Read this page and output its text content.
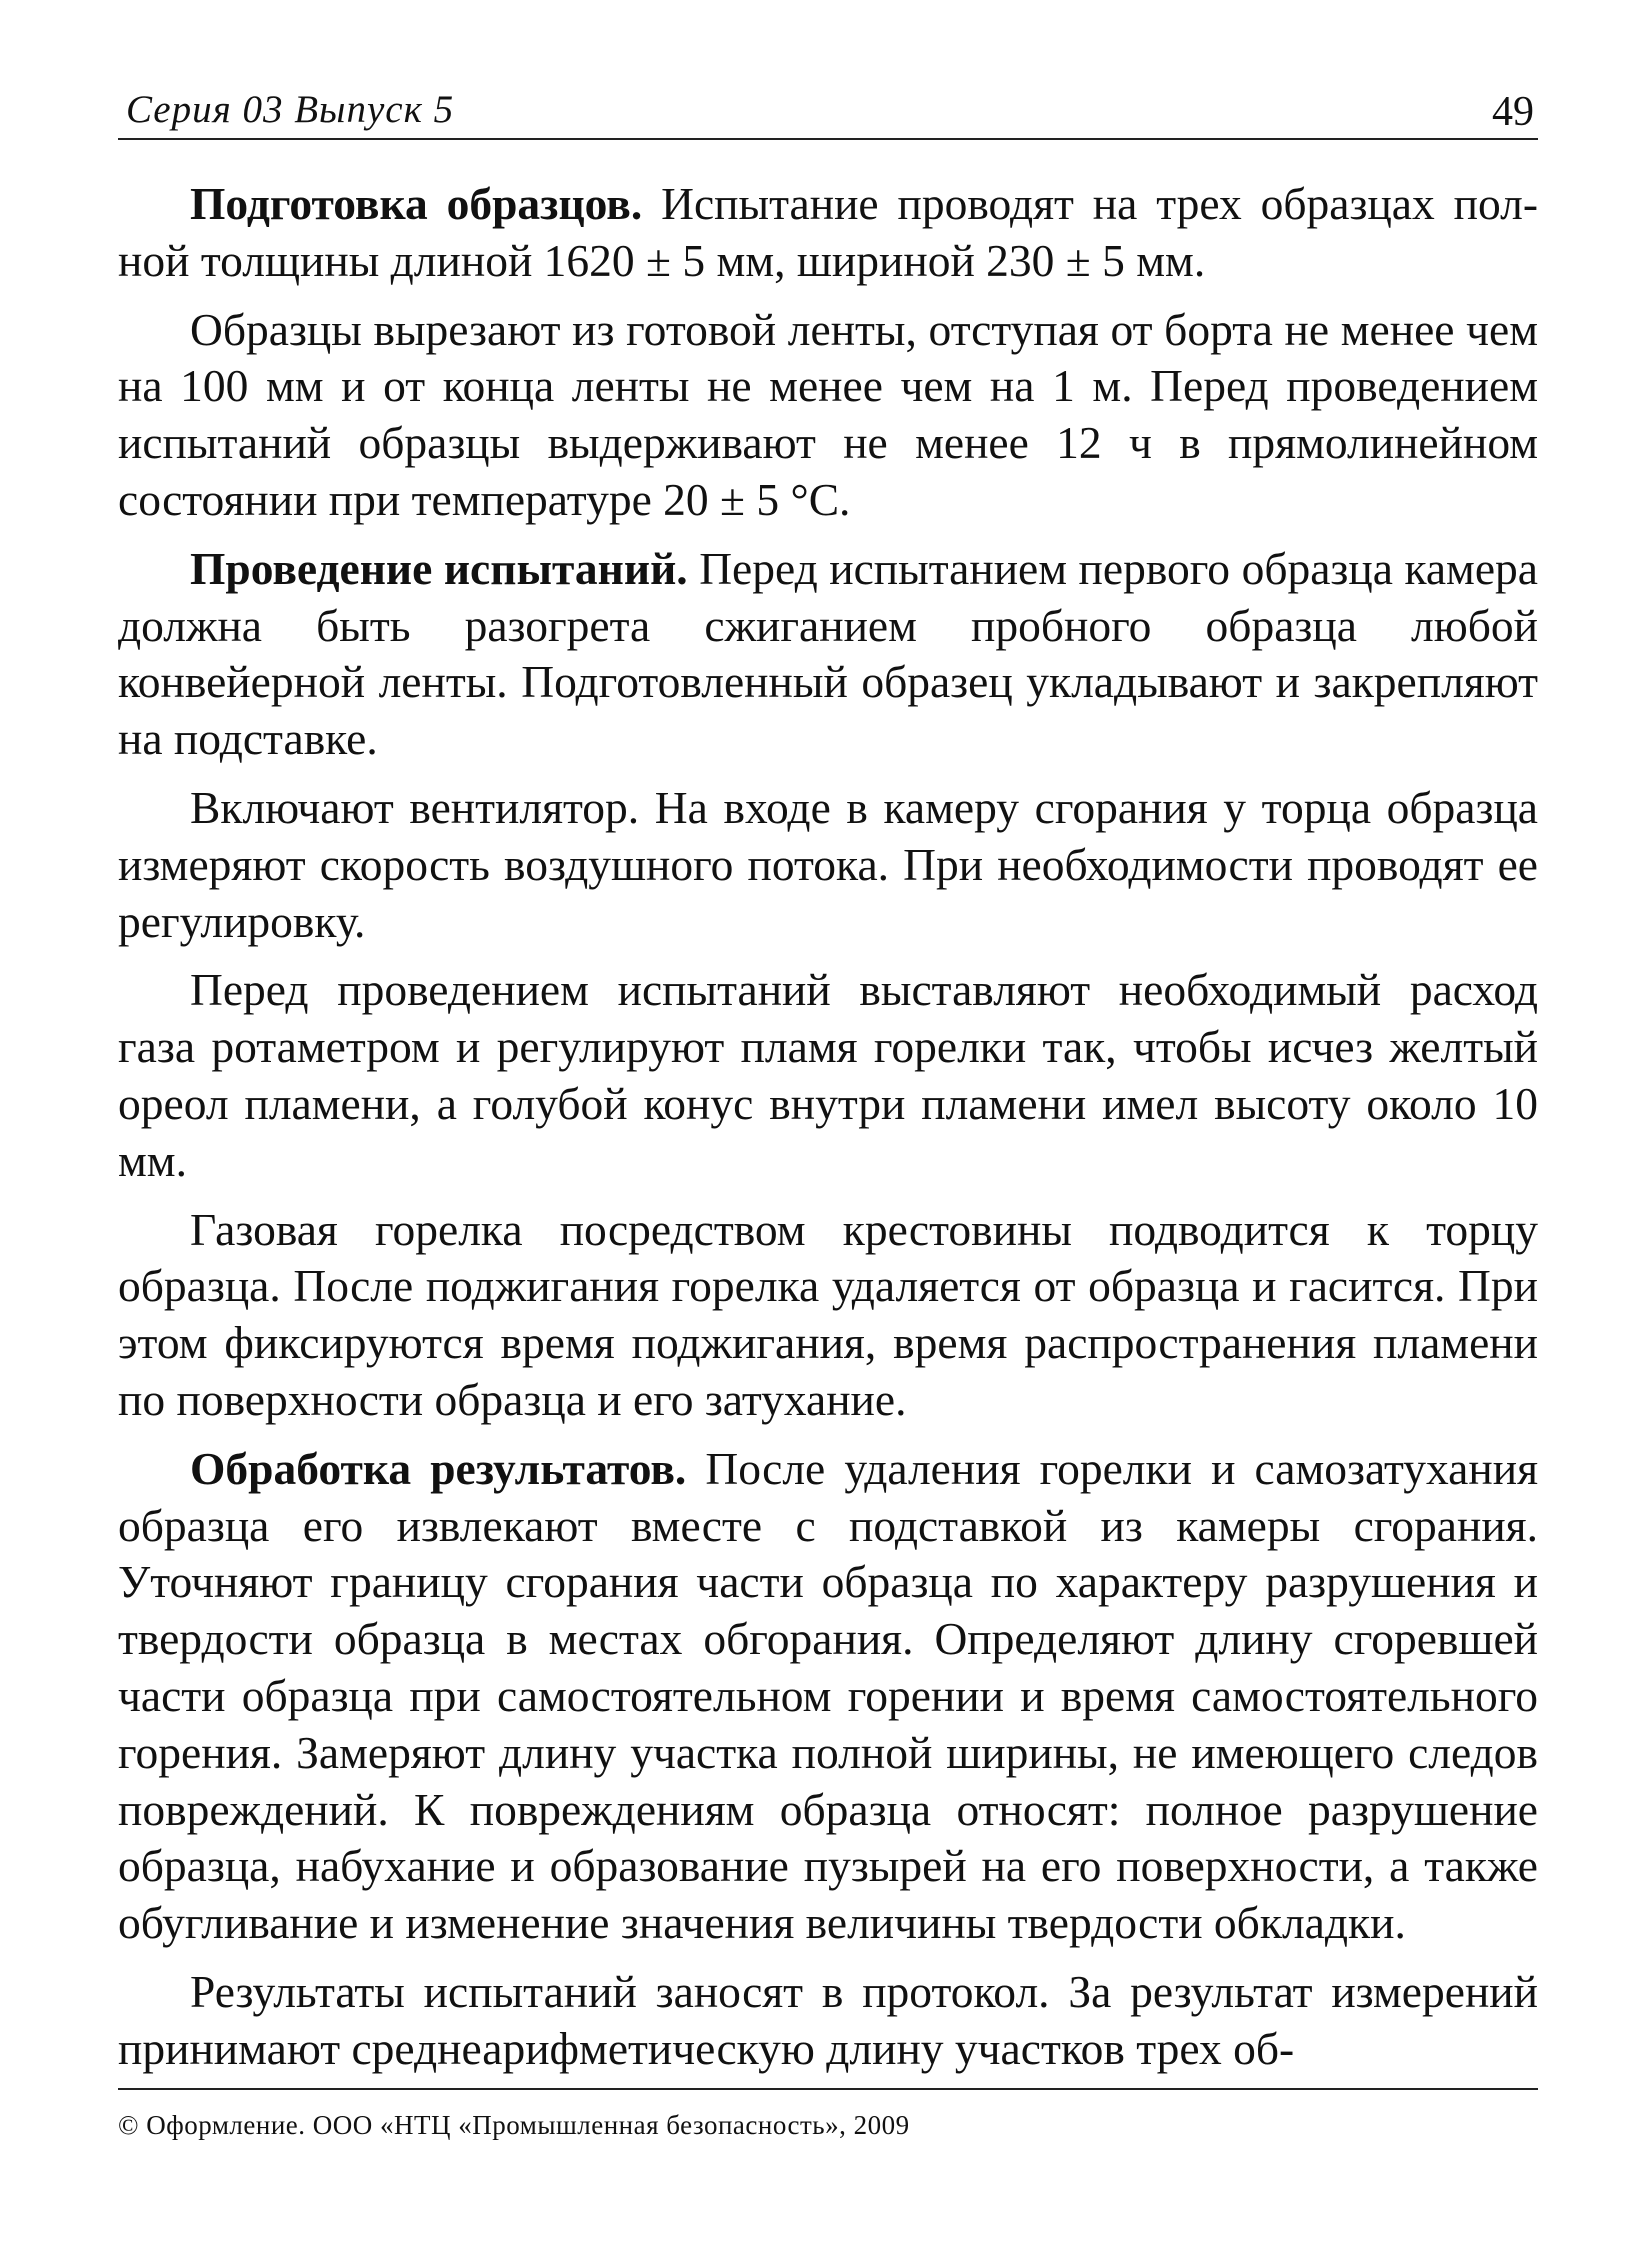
Серия 03 Выпуск 5	49

Подготовка образцов. Испытание проводят на трех образцах полной толщины длиной 1620 ± 5 мм, шириной 230 ± 5 мм.

Образцы вырезают из готовой ленты, отступая от борта не менее чем на 100 мм и от конца ленты не менее чем на 1 м. Перед проведением испытаний образцы выдерживают не менее 12 ч в прямолинейном состоянии при температуре 20 ± 5 °С.

Проведение испытаний. Перед испытанием первого образца камера должна быть разогрета сжиганием пробного образца любой конвейерной ленты. Подготовленный образец укладывают и закрепляют на подставке.

Включают вентилятор. На входе в камеру сгорания у торца образца измеряют скорость воздушного потока. При необходимости проводят ее регулировку.

Перед проведением испытаний выставляют необходимый расход газа ротаметром и регулируют пламя горелки так, чтобы исчез желтый ореол пламени, а голубой конус внутри пламени имел высоту около 10 мм.

Газовая горелка посредством крестовины подводится к торцу образца. После поджигания горелка удаляется от образца и гасится. При этом фиксируются время поджигания, время распространения пламени по поверхности образца и его затухание.

Обработка результатов. После удаления горелки и самозатухания образца его извлекают вместе с подставкой из камеры сгорания. Уточняют границу сгорания части образца по характеру разрушения и твердости образца в местах обгорания. Определяют длину сгоревшей части образца при самостоятельном горении и время самостоятельного горения. Замеряют длину участка полной ширины, не имеющего следов повреждений. К повреждениям образца относят: полное разрушение образца, набухание и образование пузырей на его поверхности, а также обугливание и изменение значения величины твердости обкладки.

Результаты испытаний заносят в протокол. За результат измерений принимают среднеарифметическую длину участков трех об-

© Оформление. ООО «НТЦ «Промышленная безопасность», 2009
